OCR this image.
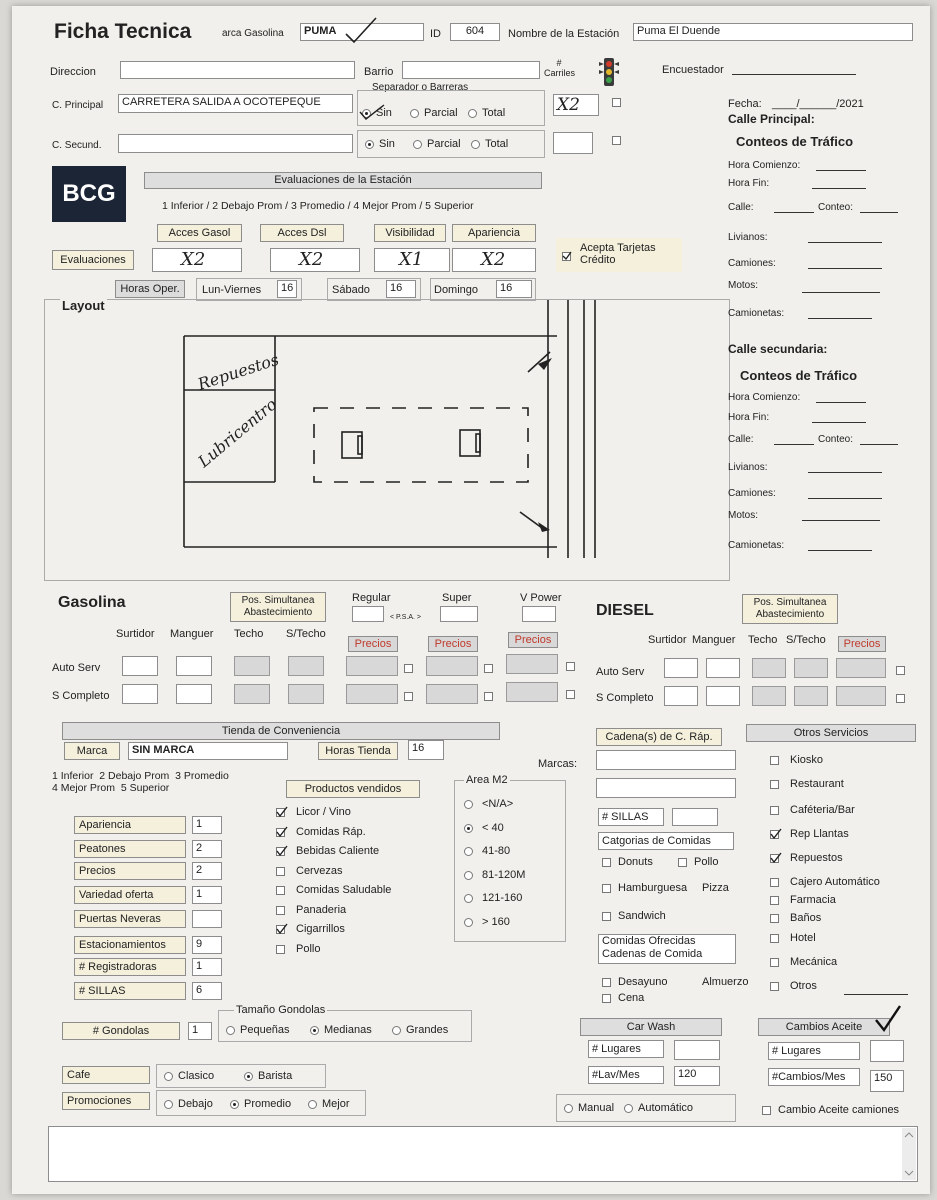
Ficha Tecnica	arca Gasolina	PUMA	ID	604	Nombre de la Estación	Puma El Duende
Direccion	Barrio
# Carriles	Encuestador
C. Principal	CARRETERA SALIDA A OCOTEPEQUE
Separador o Barreras
Sin	Parcial Total	X2
C. Secund.	Sin	Parcial Total
BCG	Evaluaciones de la Estación
1 Inferior / 2 Debajo Prom / 3 Promedio / 4 Mejor Prom / 5 Superior
Acces Gasol	Acces Dsl	Visibilidad	Apariencia
Evaluaciones	X2	X2	X1	X2
Acepta Tarjetas Crédito
Horas Oper.	Lun-Viernes	16	Sábado	16	Domingo	16
Layout
Repuestos
Lubricentro
Fecha: ____/______/2021
Calle Principal:
Conteos de Tráfico
Hora Comienzo:
Hora Fin:
Calle:	Conteo:
Livianos:
Camiones:
Motos:
Camionetas:
Calle secundaria:
Conteos de Tráfico
Hora Comienzo:
Hora Fin:
Calle:	Conteo:
Livianos:
Camiones:
Motos:
Camionetas:
Gasolina	Pos. Simultanea Abastecimiento
Regular
< P.S.A. >
Super	V Power
Surtidor Manguer Techo S/Techo
Precios	Precios	Precios
Auto Serv
S Completo
DIESEL	Pos. Simultanea Abastecimiento
Surtidor Manguer Techo S/Techo	Precios
Auto Serv
S Completo
Tienda de Conveniencia
Marca	SIN MARCA	Horas Tienda	16
1 Inferior  2 Debajo Prom  3 Promedio
4 Mejor Prom  5 Superior	Productos vendidos
Area M2
# Gondolas	1
Tamaño Gondolas
Pequeñas	Medianas	Grandes
Cafe	Clasico	Barista
Promociones	Debajo	Promedio	Mejor
Marcas:
Cadena(s) de C. Ráp.
# SILLAS
Catgorias de Comidas
Donuts	Pollo
Hamburguesa Pizza
Sandwich
Comidas Ofrecidas Cadenas de Comida
Desayuno	Almuerzo
Cena
Car Wash
# Lugares
#Lav/Mes	120
Manual Automático
Otros Servicios
Cambios Aceite
# Lugares
#Cambios/Mes	150
Cambio Aceite camiones
Apariencia	1
Peatones	2
Precios	2
Variedad oferta	1
Puertas Neveras
Estacionamientos	9
# Registradoras	1
# SILLAS	6
Licor / Vino
Comidas Ráp.
Bebidas Caliente
Cervezas
Comidas Saludable
Panaderia
Cigarrillos
Pollo
<N/A>
< 40
41-80
81-120M
121-160
> 160
Kiosko
Restaurant
Caféteria/Bar
Rep Llantas
Repuestos
Cajero Automático
Farmacia
Baños
Hotel
Mecánica
Otros
